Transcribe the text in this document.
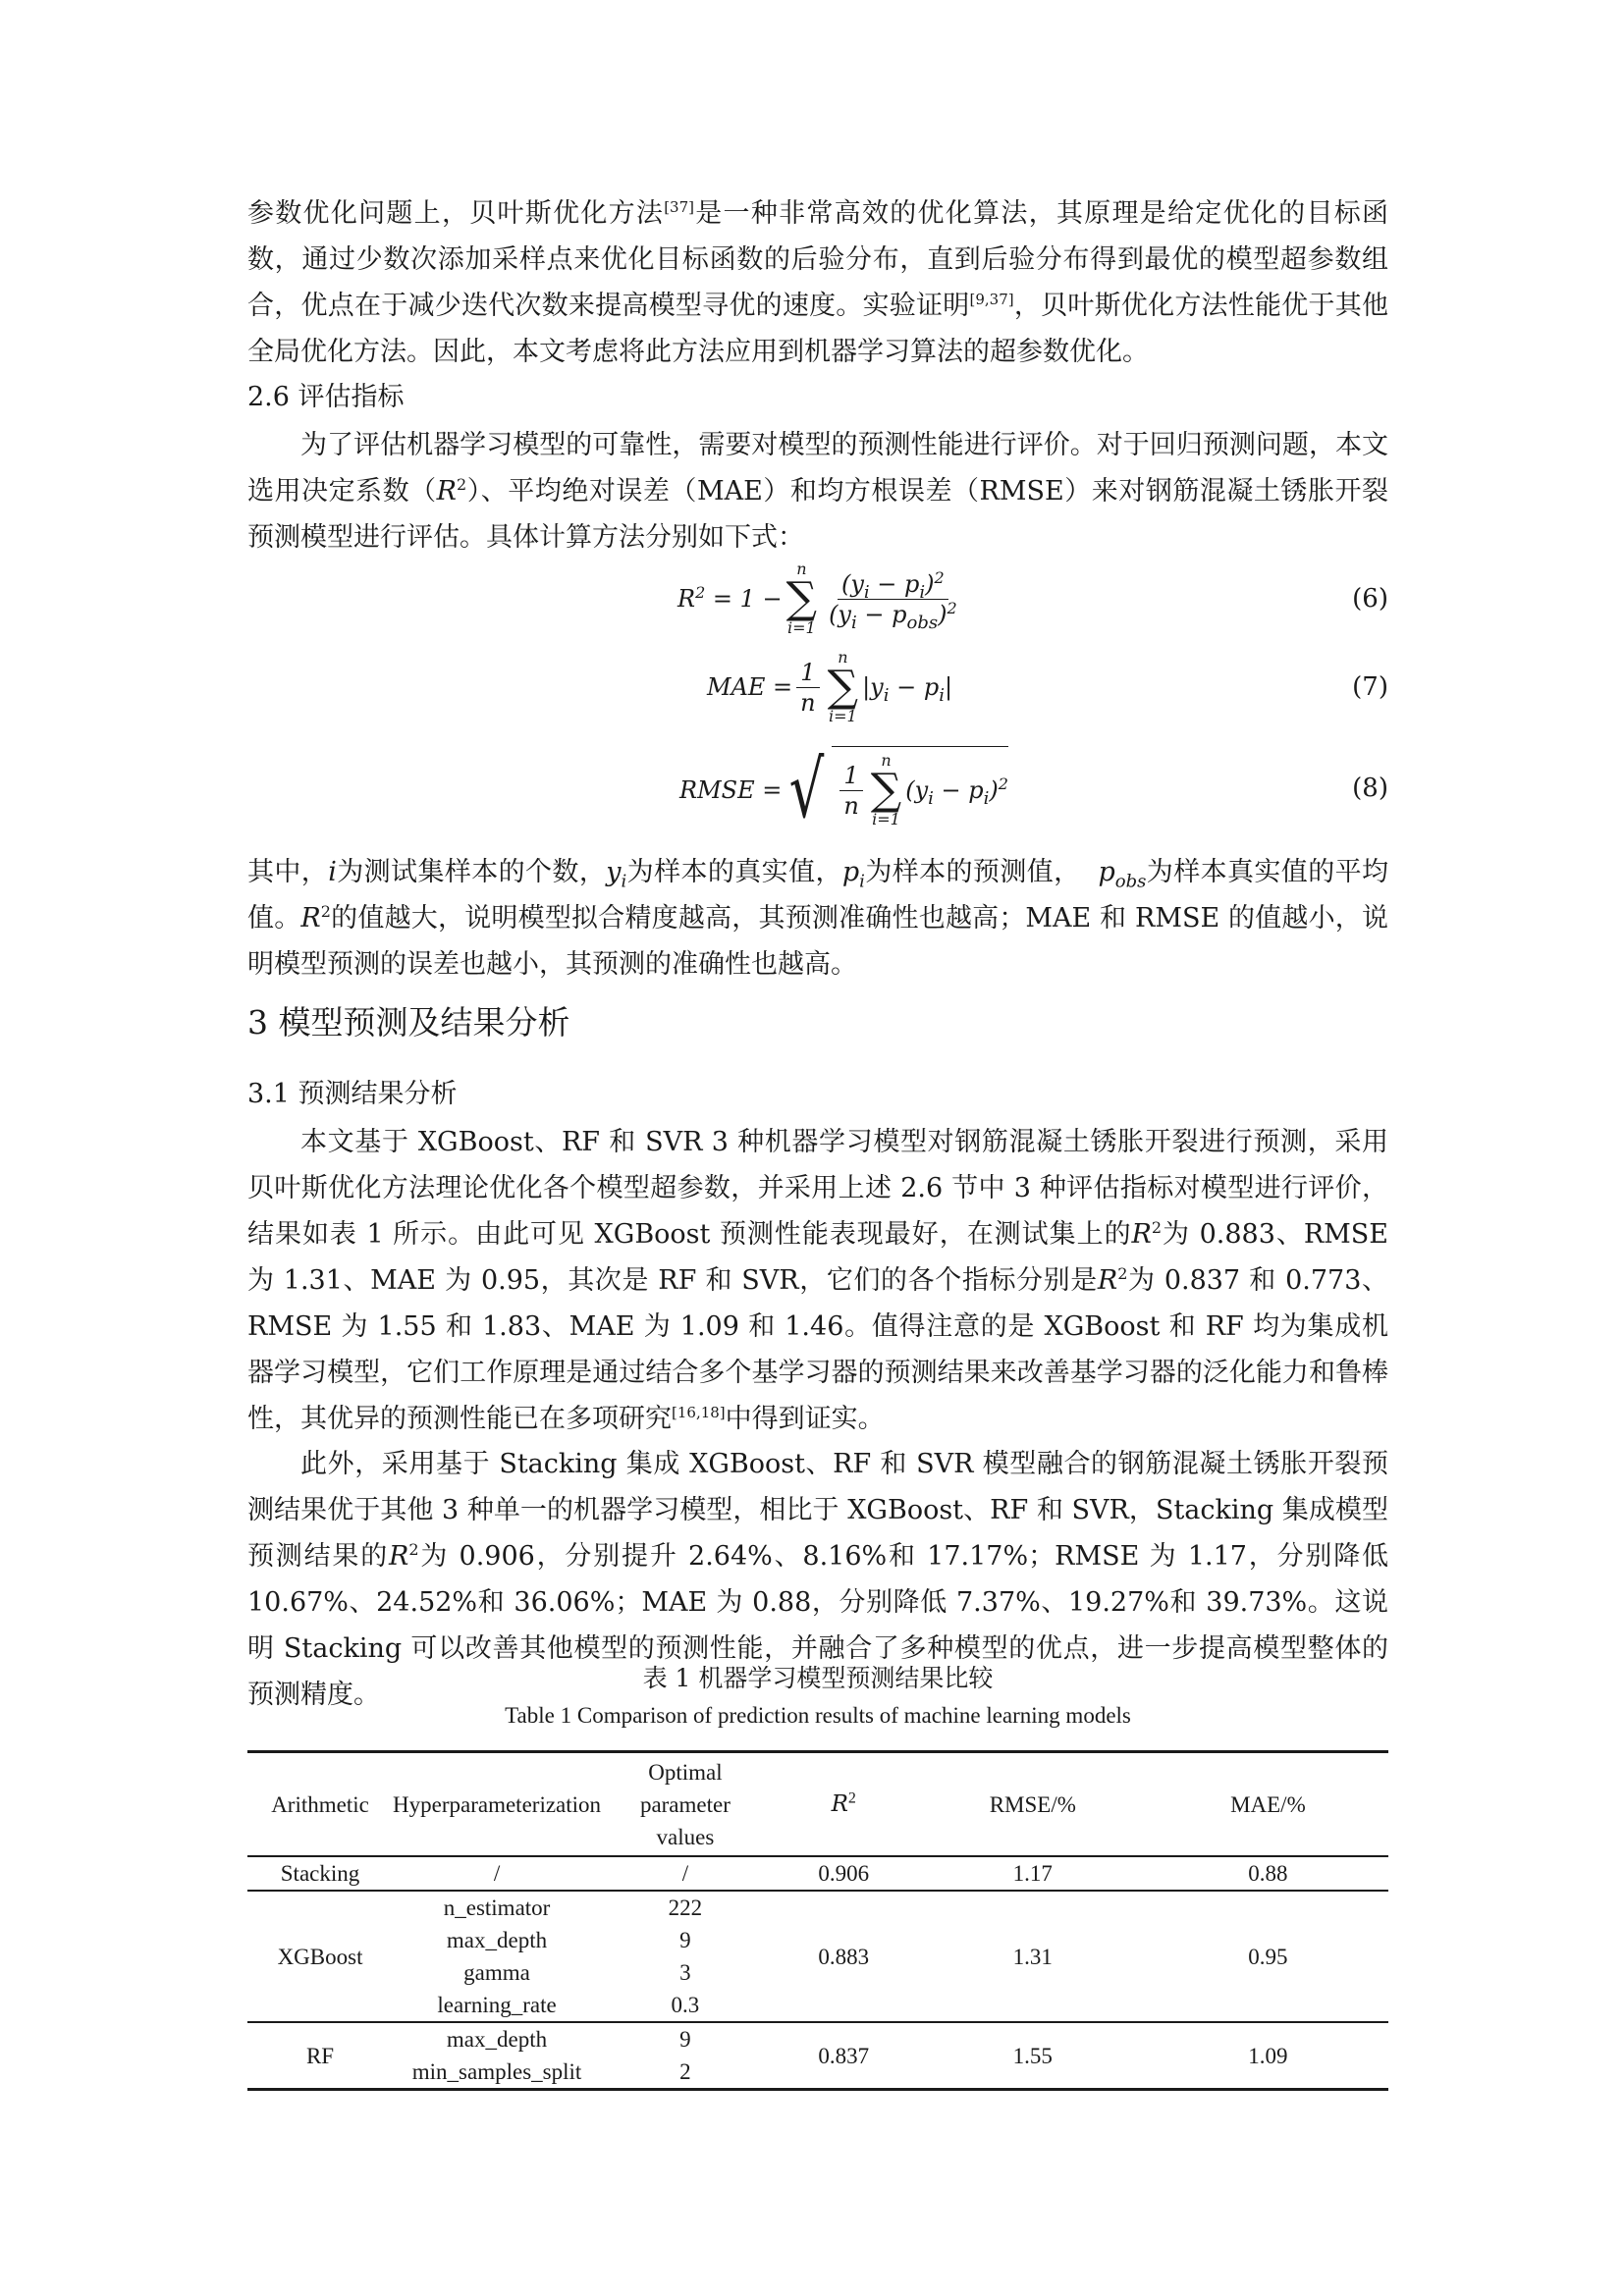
参数优化问题上，贝叶斯优化方法[37]是一种非常高效的优化算法，其原理是给定优化的目标函数，通过少数次添加采样点来优化目标函数的后验分布，直到后验分布得到最优的模型超参数组合，优点在于减少迭代次数来提高模型寻优的速度。实验证明[9,37]，贝叶斯优化方法性能优于其他全局优化方法。因此，本文考虑将此方法应用到机器学习算法的超参数优化。

2.6 评估指标

为了评估机器学习模型的可靠性，需要对模型的预测性能进行评价。对于回归预测问题，本文选用决定系数$(R^2)$、平均绝对误差（MAE）和均方根误差（RMSE）来对钢筋混凝土锈胀开裂预测模型进行评估。具体计算方法分别如下式：

$R^2 = 1$ −
n
∑
$i=1 \frac{(y_i - p_i)^2}{(y_i - p_{obs})^2}$	(6)
MAE = $\frac{1}{n}$ n
∑
i=1
$|y_i - p_i|$	(7)
RMSE = √ $\frac{1}{n}$ n
∑
i=1
$(y_i - p_i)^2$	(8)

其中，i为测试集样本的个数，$y_i$为样本的真实值，$p_i$为样本的预测值，  $p_{obs}$为样本真实值的平均值。$R^2$的值越大，说明模型拟合精度越高，其预测准确性也越高；MAE 和 RMSE 的值越小，说明模型预测的误差也越小，其预测的准确性也越高。

3 模型预测及结果分析

3.1 预测结果分析

本文基于 XGBoost、RF 和 SVR 3 种机器学习模型对钢筋混凝土锈胀开裂进行预测，采用贝叶斯优化方法理论优化各个模型超参数，并采用上述 2.6 节中 3 种评估指标对模型进行评价，结果如表 1 所示。由此可见 XGBoost 预测性能表现最好，在测试集上的$R^2$为 0.883、RMSE 为 1.31、MAE 为 0.95，其次是 RF 和 SVR，它们的各个指标分别是$R^2$为 0.837 和 0.773、RMSE 为 1.55 和 1.83、MAE 为 1.09 和 1.46。值得注意的是 XGBoost 和 RF 均为集成机器学习模型，它们工作原理是通过结合多个基学习器的预测结果来改善基学习器的泛化能力和鲁棒性，其优异的预测性能已在多项研究[16,18]中得到证实。

此外，采用基于 Stacking 集成 XGBoost、RF 和 SVR 模型融合的钢筋混凝土锈胀开裂预测结果优于其他 3 种单一的机器学习模型，相比于 XGBoost、RF 和 SVR，Stacking 集成模型预测结果的$R^2$为 0.906，分别提升 2.64%、8.16%和 17.17%；RMSE 为 1.17，分别降低 10.67%、24.52%和 36.06%；MAE 为 0.88，分别降低 7.37%、19.27%和 39.73%。这说明 Stacking 可以改善其他模型的预测性能，并融合了多种模型的优点，进一步提高模型整体的预测精度。

表 1 机器学习模型预测结果比较

Table 1 Comparison of prediction results of machine learning models

Arithmetic	Hyperparameterization	Optimal
parameter
values	$R^2$	RMSE/%	MAE/%
Stacking	/	/	0.906	1.17	0.88
XGBoost	n_estimator	222	0.883	1.31	0.95
	max_depth	9			
	gamma	3			
	learning_rate	0.3			
RF	max_depth	9	0.837	1.55	1.09
	min_samples_split	2			
